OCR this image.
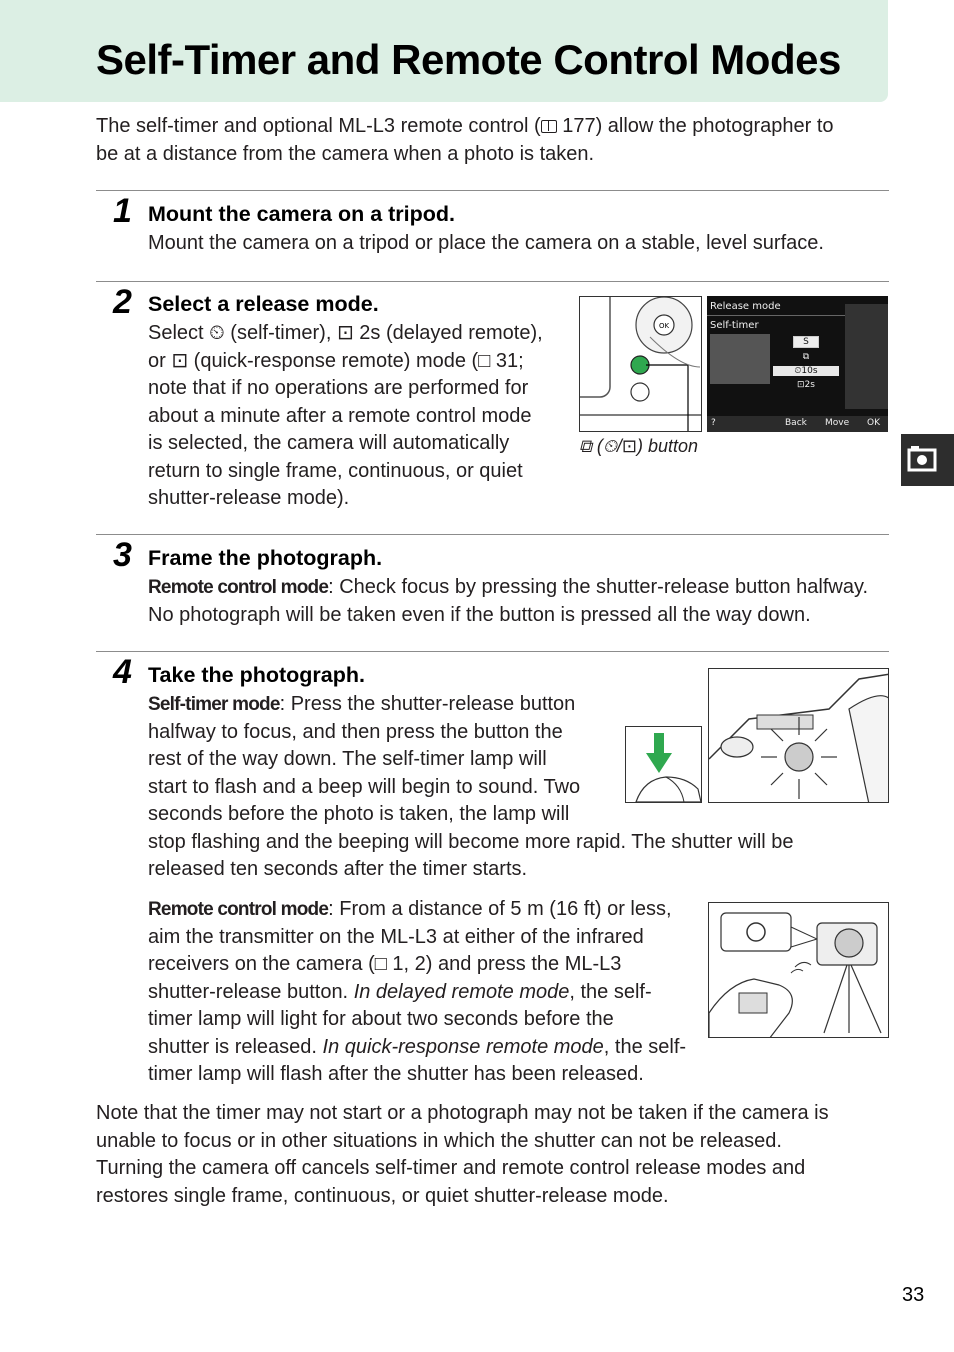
Self-Timer and Remote Control Modes
The self-timer and optional ML-L3 remote control (
177) allow the photographer to
be at a distance from the camera when a photo is taken.
1 Mount the camera on a tripod.
Mount the camera on a tripod or place the camera on a stable, level surface.
2 Select a release mode.
Select ⏲ (self-timer), ⊡ 2s (delayed remote),
or ⊡ (quick-response remote) mode (□ 31;
note that if no operations are performed for
about a minute after a remote control mode
is selected, the camera will automatically
return to single frame, continuous, or quiet
shutter-release mode).
OK
Release mode
Self-timer
S
⧉
⏲10s
⊡2s
?	Back Move OK
⧉ (⏲/⊡) button
3 Frame the photograph.
Remote control mode: Check focus by pressing the shutter-release button halfway.
No photograph will be taken even if the button is pressed all the way down.
4 Take the photograph.
Self-timer mode: Press the shutter-release button
halfway to focus, and then press the button the
rest of the way down. The self-timer lamp will
start to flash and a beep will begin to sound. Two
seconds before the photo is taken, the lamp will
stop flashing and the beeping will become more rapid. The shutter will be
released ten seconds after the timer starts.
Remote control mode: From a distance of 5 m (16 ft) or less,
aim the transmitter on the ML-L3 at either of the infrared
receivers on the camera (□ 1, 2) and press the ML-L3
shutter-release button. In delayed remote mode, the self-
timer lamp will light for about two seconds before the
shutter is released. In quick-response remote mode, the self-
timer lamp will flash after the shutter has been released.
Note that the timer may not start or a photograph may not be taken if the camera is
unable to focus or in other situations in which the shutter can not be released.
Turning the camera off cancels self-timer and remote control release modes and
restores single frame, continuous, or quiet shutter-release mode.
33
